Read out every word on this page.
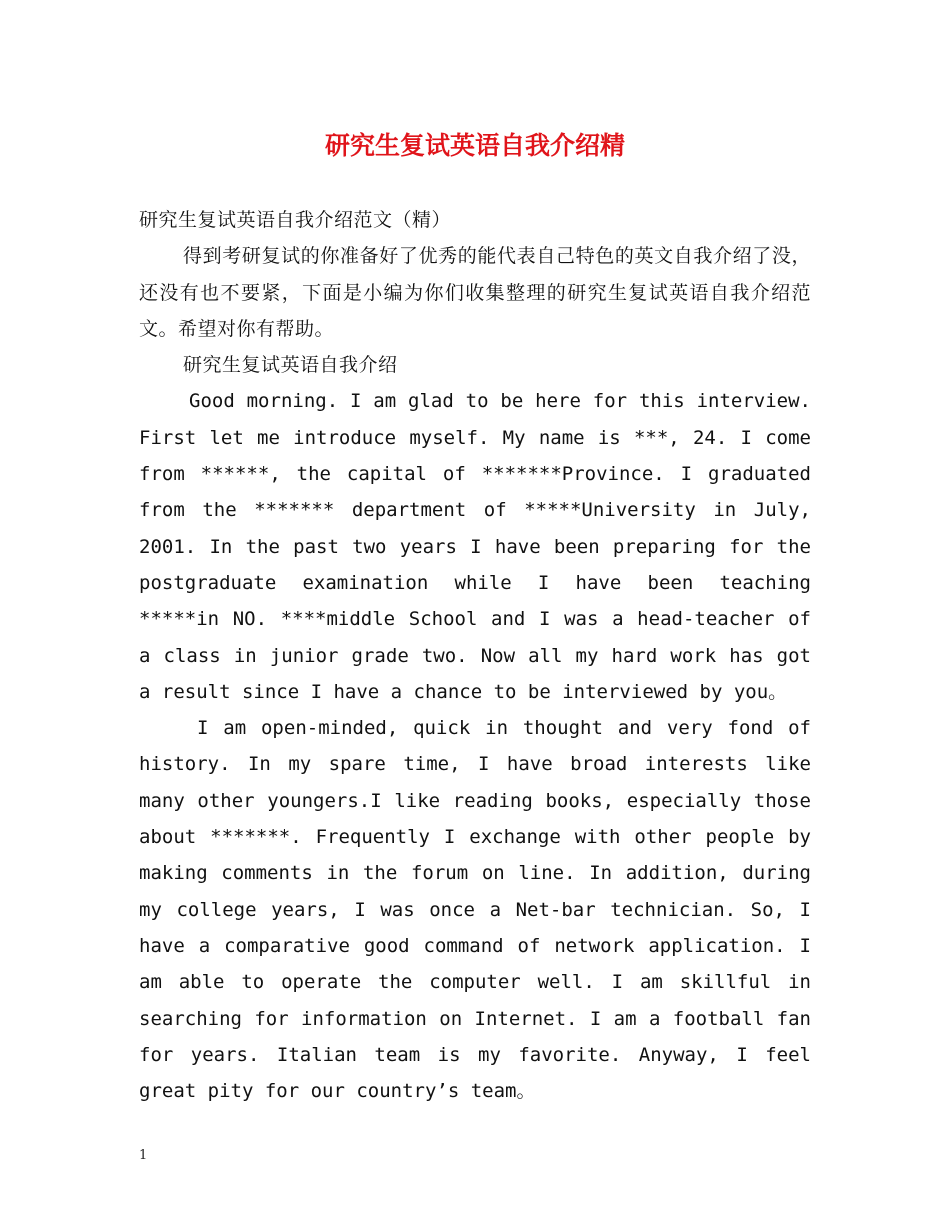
研究生复试英语自我介绍精

研究生复试英语自我介绍范文（精）

得到考研复试的你准备好了优秀的能代表自己特色的英文自我介绍了没，还没有也不要紧，下面是小编为你们收集整理的研究生复试英语自我介绍范文。希望对你有帮助。

研究生复试英语自我介绍

Good morning. I am glad to be here for this interview. First let me introduce myself. My name is ***, 24. I come from ******, the capital of *******Province. I graduated from the ******* department of *****University in July, 2001. In the past two years I have been preparing for the postgraduate examination while I have been teaching *****in NO. ****middle School and I was a head-teacher of a class in junior grade two. Now all my hard work has got a result since I have a chance to be interviewed by you。

I am open-minded, quick in thought and very fond of history. In my spare time, I have broad interests like many other youngers.I like reading books, especially those about *******. Frequently I exchange with other people by making comments in the forum on line. In addition, during my college years, I was once a Net-bar technician. So, I have a comparative good command of network application. I am able to operate the computer well. I am skillful in searching for information on Internet. I am a football fan for years. Italian team is my favorite. Anyway, I feel great pity for our country’s team。

1
